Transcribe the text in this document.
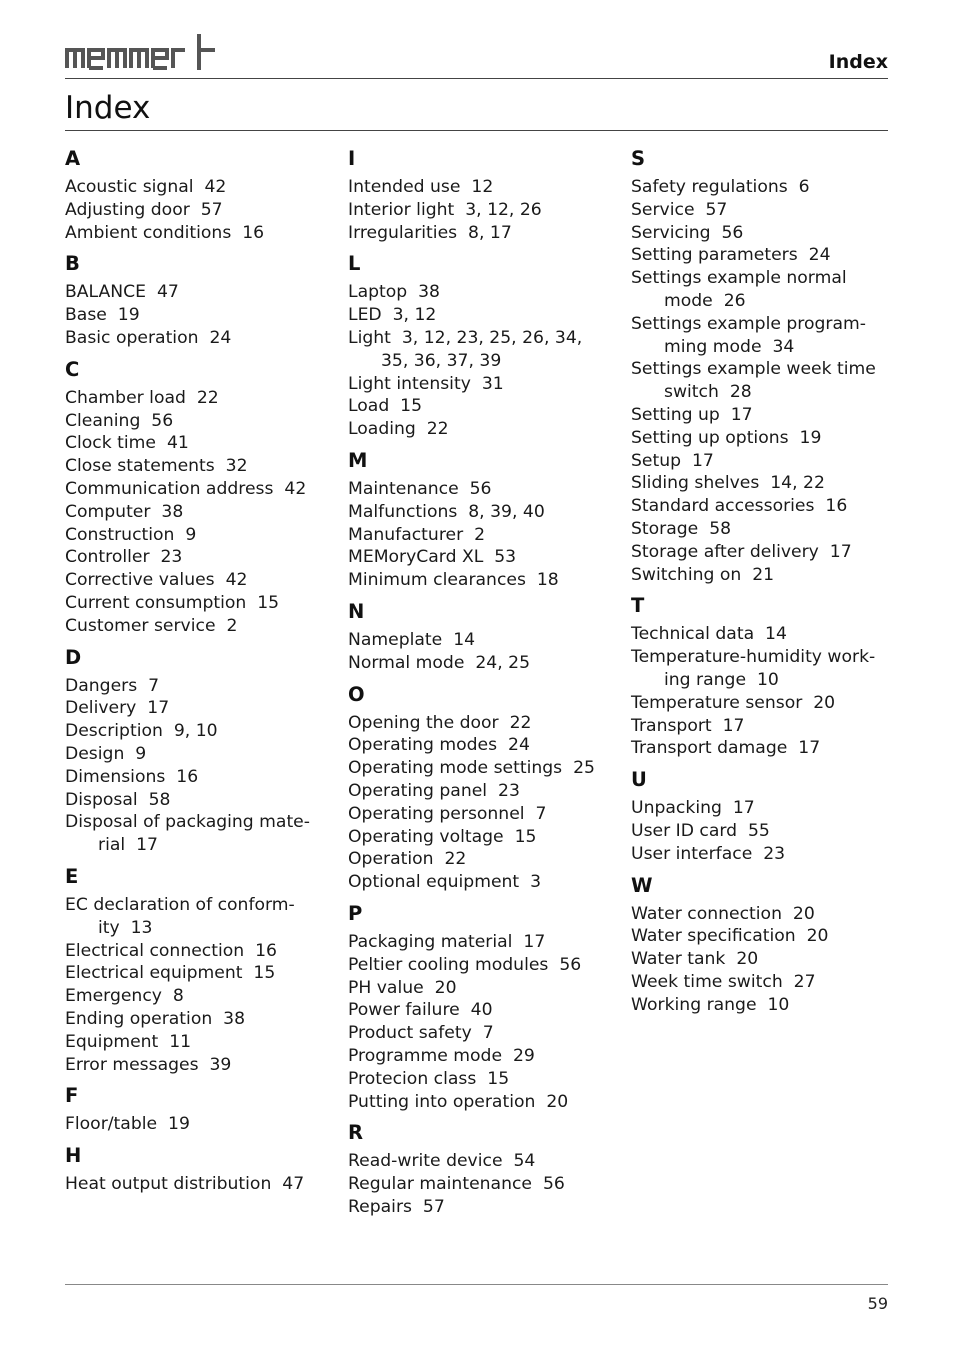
Index
Index
A
Acoustic signal 42
Adjusting door 57
Ambient conditions 16
B
BALANCE 47
Base 19
Basic operation 24
C
Chamber load 22
Cleaning 56
Clock time 41
Close statements 32
Communication address 42
Computer 38
Construction 9
Controller 23
Corrective values 42
Current consumption 15
Customer service 2
D
Dangers 7
Delivery 17
Description 9, 10
Design 9
Dimensions 16
Disposal 58
Disposal of packaging mate-rial 17
E
EC declaration of conform-ity 13
Electrical connection 16
Electrical equipment 15
Emergency 8
Ending operation 38
Equipment 11
Error messages 39
F
Floor/table 19
H
Heat output distribution 47
I
Intended use 12
Interior light 3, 12, 26
Irregularities 8, 17
L
Laptop 38
LED 3, 12
Light 3, 12, 23, 25, 26, 34, 35, 36, 37, 39
Light intensity 31
Load 15
Loading 22
M
Maintenance 56
Malfunctions 8, 39, 40
Manufacturer 2
MEMoryCard XL 53
Minimum clearances 18
N
Nameplate 14
Normal mode 24, 25
O
Opening the door 22
Operating modes 24
Operating mode settings 25
Operating panel 23
Operating personnel 7
Operating voltage 15
Operation 22
Optional equipment 3
P
Packaging material 17
Peltier cooling modules 56
PH value 20
Power failure 40
Product safety 7
Programme mode 29
Protecion class 15
Putting into operation 20
R
Read-write device 54
Regular maintenance 56
Repairs 57
S
Safety regulations 6
Service 57
Servicing 56
Setting parameters 24
Settings example normal mode 26
Settings example program-ming mode 34
Settings example week time switch 28
Setting up 17
Setting up options 19
Setup 17
Sliding shelves 14, 22
Standard accessories 16
Storage 58
Storage after delivery 17
Switching on 21
T
Technical data 14
Temperature-humidity work-ing range 10
Temperature sensor 20
Transport 17
Transport damage 17
U
Unpacking 17
User ID card 55
User interface 23
W
Water connection 20
Water specification 20
Water tank 20
Week time switch 27
Working range 10
59
